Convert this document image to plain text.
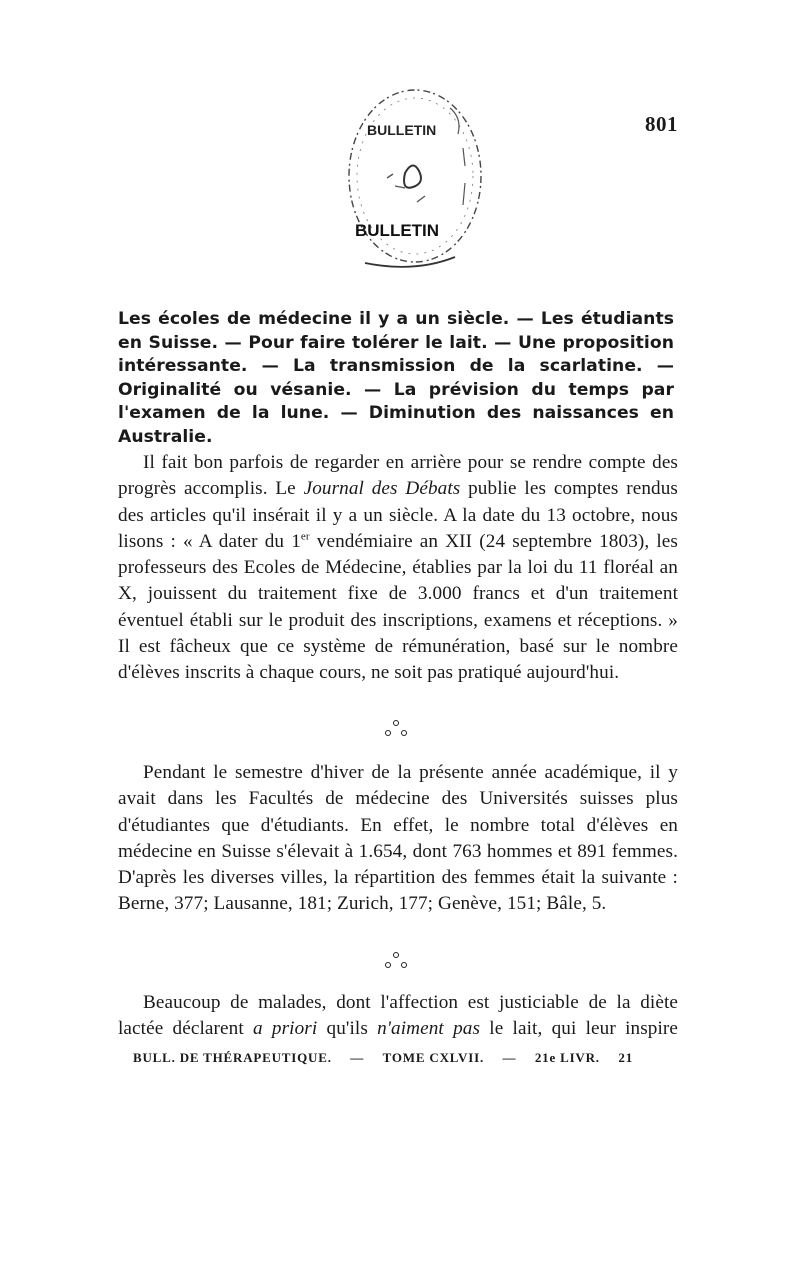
801
BULLETIN
BULLETIN
Les écoles de médecine il y a un siècle. — Les étudiants en Suisse. — Pour faire tolérer le lait. — Une proposition intéressante. — La transmission de la scarlatine. — Originalité ou vésanie. — La prévision du temps par l'examen de la lune. — Diminution des naissances en Australie.
Il fait bon parfois de regarder en arrière pour se rendre compte des progrès accomplis. Le Journal des Débats publie les comptes rendus des articles qu'il insérait il y a un siècle. A la date du 13 octobre, nous lisons : « A dater du 1er vendémiaire an XII (24 septembre 1803), les professeurs des Ecoles de Médecine, établies par la loi du 11 floréal an X, jouissent du traitement fixe de 3.000 francs et d'un traitement éventuel établi sur le produit des inscriptions, examens et réceptions. » Il est fâcheux que ce système de rémunération, basé sur le nombre d'élèves inscrits à chaque cours, ne soit pas pratiqué aujourd'hui.
Pendant le semestre d'hiver de la présente année académique, il y avait dans les Facultés de médecine des Universités suisses plus d'étudiantes que d'étudiants. En effet, le nombre total d'élèves en médecine en Suisse s'élevait à 1.654, dont 763 hommes et 891 femmes. D'après les diverses villes, la répartition des femmes était la suivante : Berne, 377; Lausanne, 181; Zurich, 177; Genève, 151; Bâle, 5.
Beaucoup de malades, dont l'affection est justiciable de la diète lactée déclarent a priori qu'ils n'aiment pas le lait, qui leur inspire
BULL. DE THÉRAPEUTIQUE. — TOME CXLVII. — 21e LIVR. 21
